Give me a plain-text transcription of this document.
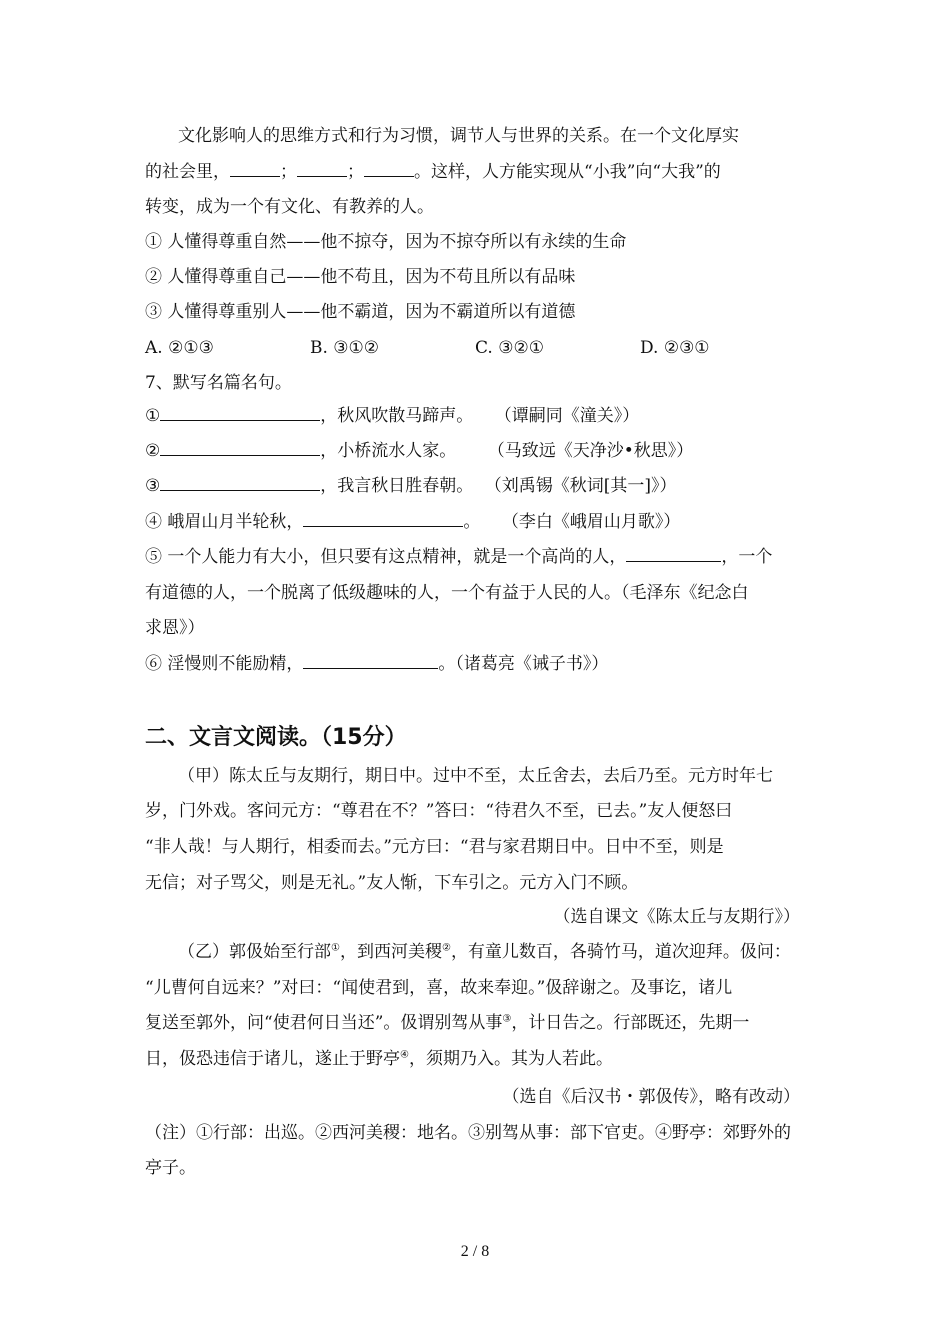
文化影响人的思维方式和行为习惯，调节人与世界的关系。在一个文化厚实
的社会里，	；	；	。这样，人方能实现从“小我”向“大我”的
转变，成为一个有文化、有教养的人。
① 人懂得尊重自然——他不掠夺，因为不掠夺所以有永续的生命
② 人懂得尊重自己——他不苟且，因为不苟且所以有品味
③ 人懂得尊重别人——他不霸道，因为不霸道所以有道德
A. ②①③	B. ③①②	C. ③②①	D. ②③①
7、默写名篇名句。
①	，秋风吹散马蹄声。 （谭嗣同《潼关》）
②	，小桥流水人家。 （马致远《天净沙•秋思》）
③	，我言秋日胜春朝。 （刘禹锡《秋词[其一]》）
④ 峨眉山月半轮秋，	。 （李白《峨眉山月歌》）
⑤ 一个人能力有大小，但只要有这点精神，就是一个高尚的人，	，一个
有道德的人，一个脱离了低级趣味的人，一个有益于人民的人。（毛泽东《纪念白
求恩》）
⑥ 淫慢则不能励精，	。（诸葛亮《诫子书》）
二、文言文阅读。（15分）
（甲）陈太丘与友期行，期日中。过中不至，太丘舍去，去后乃至。元方时年七
岁，门外戏。客问元方：“尊君在不？”答曰：“待君久不至，已去。”友人便怒曰
“非人哉！与人期行，相委而去。”元方曰：“君与家君期日中。日中不至，则是
无信；对子骂父，则是无礼。”友人惭，下车引之。元方入门不顾。
（选自课文《陈太丘与友期行》）
（乙）郭伋始至行部①，到西河美稷②，有童儿数百，各骑竹马，道次迎拜。伋问：
“儿曹何自远来？”对曰：“闻使君到，喜，故来奉迎。”伋辞谢之。及事讫，诸儿
复送至郭外，问“使君何日当还”。伋谓别驾从事③，计日告之。行部既还，先期一
日，伋恐违信于诸儿，遂止于野亭④，须期乃入。其为人若此。
（选自《后汉书・郭伋传》，略有改动）
（注）①行部：出巡。②西河美稷：地名。③别驾从事：部下官吏。④野亭：郊野外的
亭子。
2 / 8
